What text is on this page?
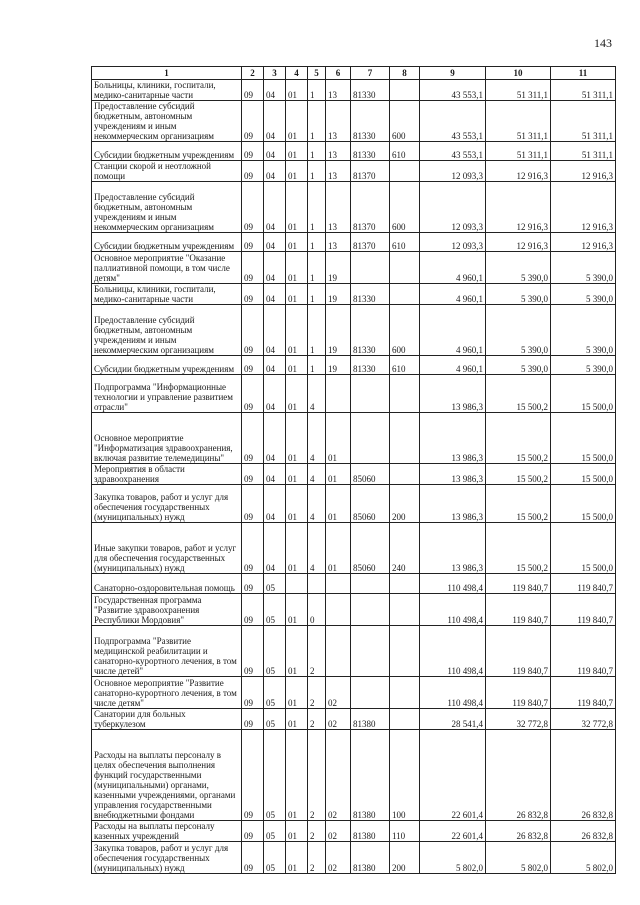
143
1	2	3	4	5	6	7	8	9	10	11
Больницы, клиники, госпитали, медико-санитарные части	09	04	01	1	13	81330		43 553,1	51 311,1	51 311,1
Предоставление субсидий бюджетным, автономным учреждениям и иным некоммерческим организациям	09	04	01	1	13	81330	600	43 553,1	51 311,1	51 311,1
Субсидии бюджетным учреждениям	09	04	01	1	13	81330	610	43 553,1	51 311,1	51 311,1
Станции скорой и неотложной помощи	09	04	01	1	13	81370		12 093,3	12 916,3	12 916,3
Предоставление субсидий бюджетным, автономным учреждениям и иным некоммерческим организациям	09	04	01	1	13	81370	600	12 093,3	12 916,3	12 916,3
Субсидии бюджетным учреждениям	09	04	01	1	13	81370	610	12 093,3	12 916,3	12 916,3
Основное мероприятие "Оказание паллиативной помощи, в том числе детям"	09	04	01	1	19			4 960,1	5 390,0	5 390,0
Больницы, клиники, госпитали, медико-санитарные части	09	04	01	1	19	81330		4 960,1	5 390,0	5 390,0
Предоставление субсидий бюджетным, автономным учреждениям и иным некоммерческим организациям	09	04	01	1	19	81330	600	4 960,1	5 390,0	5 390,0
Субсидии бюджетным учреждениям	09	04	01	1	19	81330	610	4 960,1	5 390,0	5 390,0
Подпрограмма "Информационные технологии и управление развитием отрасли"	09	04	01	4				13 986,3	15 500,2	15 500,0
Основное мероприятие "Информатизация здравоохранения, включая развитие телемедицины"	09	04	01	4	01			13 986,3	15 500,2	15 500,0
Мероприятия в области здравоохранения	09	04	01	4	01	85060		13 986,3	15 500,2	15 500,0
Закупка товаров, работ и услуг для обеспечения государственных (муниципальных) нужд	09	04	01	4	01	85060	200	13 986,3	15 500,2	15 500,0
Иные закупки товаров, работ и услуг для обеспечения государственных (муниципальных) нужд	09	04	01	4	01	85060	240	13 986,3	15 500,2	15 500,0
Санаторно-оздоровительная помощь	09	05						110 498,4	119 840,7	119 840,7
Государственная программа "Развитие здравоохранения Республики Мордовия"	09	05	01	0				110 498,4	119 840,7	119 840,7
Подпрограмма "Развитие медицинской реабилитации и санаторно-курортного лечения, в том числе детей"	09	05	01	2				110 498,4	119 840,7	119 840,7
Основное мероприятие "Развитие санаторно-курортного лечения, в том числе детям"	09	05	01	2	02			110 498,4	119 840,7	119 840,7
Санатории для больных туберкулезом	09	05	01	2	02	81380		28 541,4	32 772,8	32 772,8
Расходы на выплаты персоналу в целях обеспечения выполнения функций государственными (муниципальными) органами, казенными учреждениями, органами управления государственными внебюджетными фондами	09	05	01	2	02	81380	100	22 601,4	26 832,8	26 832,8
Расходы на выплаты персоналу казенных учреждений	09	05	01	2	02	81380	110	22 601,4	26 832,8	26 832,8
Закупка товаров, работ и услуг для обеспечения государственных (муниципальных) нужд	09	05	01	2	02	81380	200	5 802,0	5 802,0	5 802,0
